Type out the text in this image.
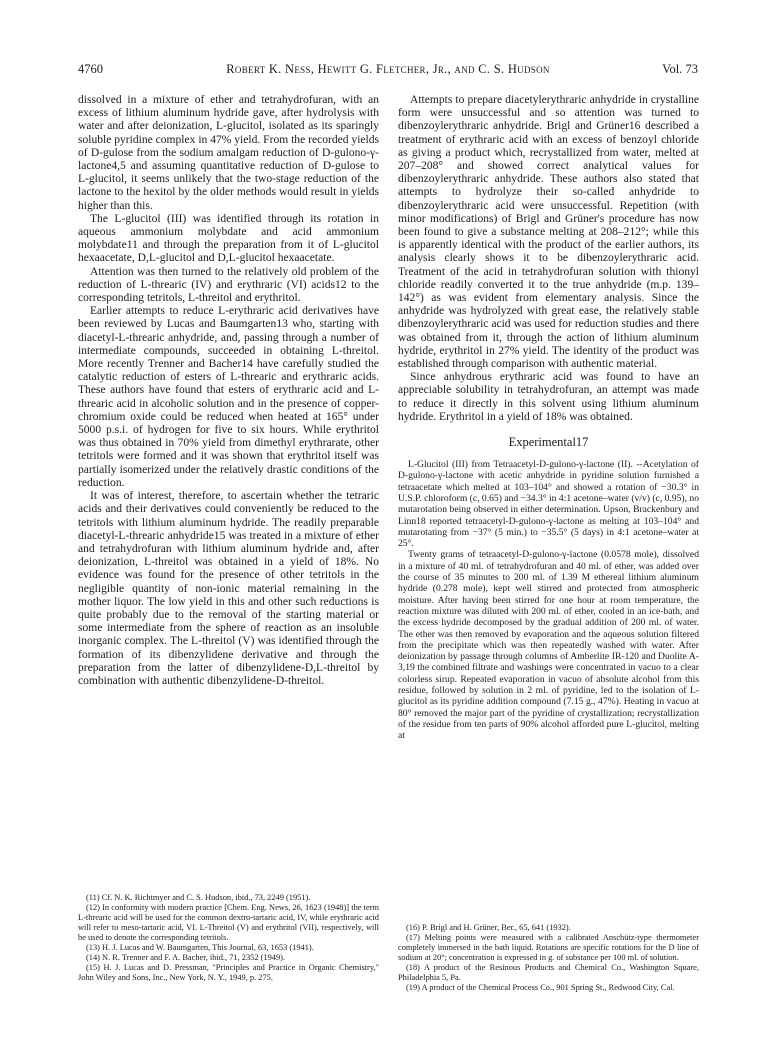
4760	Robert K. Ness, Hewitt G. Fletcher, Jr., and C. S. Hudson	Vol. 73

dissolved in a mixture of ether and tetrahydrofuran, with an excess of lithium aluminum hydride gave, after hydrolysis with water and after deionization, L-glucitol, isolated as its sparingly soluble pyridine complex in 47% yield. From the recorded yields of D-gulose from the sodium amalgam reduction of D-gulono-γ-lactone4,5 and assuming quantitative reduction of D-gulose to L-glucitol, it seems unlikely that the two-stage reduction of the lactone to the hexitol by the older methods would result in yields higher than this.

The L-glucitol (III) was identified through its rotation in aqueous ammonium molybdate and acid ammonium molybdate11 and through the preparation from it of L-glucitol hexaacetate, D,L-glucitol and D,L-glucitol hexaacetate.

Attention was then turned to the relatively old problem of the reduction of L-threaric (IV) and erythraric (VI) acids12 to the corresponding tetritols, L-threitol and erythritol.

Earlier attempts to reduce L-erythraric acid derivatives have been reviewed by Lucas and Baumgarten13 who, starting with diacetyl-L-threaric anhydride, and, passing through a number of intermediate compounds, succeeded in obtaining L-threitol. More recently Trenner and Bacher14 have carefully studied the catalytic reduction of esters of L-threaric and erythraric acids. These authors have found that esters of erythraric acid and L-threaric acid in alcoholic solution and in the presence of copper-chromium oxide could be reduced when heated at 165° under 5000 p.s.i. of hydrogen for five to six hours. While erythritol was thus obtained in 70% yield from dimethyl erythrarate, other tetritols were formed and it was shown that erythritol itself was partially isomerized under the relatively drastic conditions of the reduction.

It was of interest, therefore, to ascertain whether the tetraric acids and their derivatives could conveniently be reduced to the tetritols with lithium aluminum hydride. The readily preparable diacetyl-L-threaric anhydride15 was treated in a mixture of ether and tetrahydrofuran with lithium aluminum hydride and, after deionization, L-threitol was obtained in a yield of 18%. No evidence was found for the presence of other tetritols in the negligible quantity of non-ionic material remaining in the mother liquor. The low yield in this and other such reductions is quite probably due to the removal of the starting material or some intermediate from the sphere of reaction as an insoluble inorganic complex. The L-threitol (V) was identified through the formation of its dibenzylidene derivative and through the preparation from the latter of dibenzylidene-D,L-threitol by combination with authentic dibenzylidene-D-threitol.

(11) Cf. N. K. Richtmyer and C. S. Hudson, ibid., 73, 2249 (1951).

(12) In conformity with modern practice [Chem. Eng. News, 26, 1623 (1948)] the term L-threaric acid will be used for the common dextro-tartaric acid, IV, while erythraric acid will refer to meso-tartaric acid, VI. L-Threitol (V) and erythritol (VII), respectively, will be used to denote the corresponding tetritols.

(13) H. J. Lucas and W. Baumgarten, This Journal, 63, 1653 (1941).

(14) N. R. Trenner and F. A. Bacher, ibid., 71, 2352 (1949).

(15) H. J. Lucas and D. Pressman, "Principles and Practice in Organic Chemistry," John Wiley and Sons, Inc., New York, N. Y., 1949, p. 275.

Attempts to prepare diacetylerythraric anhydride in crystalline form were unsuccessful and so attention was turned to dibenzoylerythraric anhydride. Brigl and Grüner16 described a treatment of erythraric acid with an excess of benzoyl chloride as giving a product which, recrystallized from water, melted at 207–208° and showed correct analytical values for dibenzoylerythraric anhydride. These authors also stated that attempts to hydrolyze their so-called anhydride to dibenzoylerythraric acid were unsuccessful. Repetition (with minor modifications) of Brigl and Grüner's procedure has now been found to give a substance melting at 208–212°; while this is apparently identical with the product of the earlier authors, its analysis clearly shows it to be dibenzoylerythraric acid. Treatment of the acid in tetrahydrofuran solution with thionyl chloride readily converted it to the true anhydride (m.p. 139–142°) as was evident from elementary analysis. Since the anhydride was hydrolyzed with great ease, the relatively stable dibenzoylerythraric acid was used for reduction studies and there was obtained from it, through the action of lithium aluminum hydride, erythritol in 27% yield. The identity of the product was established through comparison with authentic material.

Since anhydrous erythraric acid was found to have an appreciable solubility in tetrahydrofuran, an attempt was made to reduce it directly in this solvent using lithium aluminum hydride. Erythritol in a yield of 18% was obtained.

Experimental17

L-Glucitol (III) from Tetraacetyl-D-gulono-γ-lactone (II). --Acetylation of D-gulono-γ-lactone with acetic anhydride in pyridine solution furnished a tetraacetate which melted at 103–104° and showed a rotation of −30.3° in U.S.P. chloroform (c, 0.65) and −34.3° in 4:1 acetone–water (v/v) (c, 0.95), no mutarotation being observed in either determination. Upson, Brackenbury and Linn18 reported tetraacetyl-D-gulono-γ-lactone as melting at 103–104° and mutarotating from −37° (5 min.) to −35.5° (5 days) in 4:1 acetone–water at 25°.

Twenty grams of tetraacetyl-D-gulono-γ-lactone (0.0578 mole), dissolved in a mixture of 40 ml. of tetrahydrofuran and 40 ml. of ether, was added over the course of 35 minutes to 200 ml. of 1.39 M ethereal lithium aluminum hydride (0.278 mole), kept well stirred and protected from atmospheric moisture. After having been stirred for one hour at room temperature, the reaction mixture was diluted with 200 ml. of ether, cooled in an ice-bath, and the excess hydride decomposed by the gradual addition of 200 ml. of water. The ether was then removed by evaporation and the aqueous solution filtered from the precipitate which was then repeatedly washed with water. After deionization by passage through columns of Amberlite IR-120 and Duolite A-3,19 the combined filtrate and washings were concentrated in vacuo to a clear colorless sirup. Repeated evaporation in vacuo of absolute alcohol from this residue, followed by solution in 2 ml. of pyridine, led to the isolation of L-glucitol as its pyridine addition compound (7.15 g., 47%). Heating in vacuo at 80° removed the major part of the pyridine of crystallization; recrystallization of the residue from ten parts of 90% alcohol afforded pure L-glucitol, melting at

(16) P. Brigl and H. Grüner, Ber., 65, 641 (1932).

(17) Melting points were measured with a calibrated Anschütz-type thermometer completely immersed in the bath liquid. Rotations are specific rotations for the D line of sodium at 20°; concentration is expressed in g. of substance per 100 ml. of solution.

(18) A product of the Resinous Products and Chemical Co., Washington Square, Philadelphia 5, Pa.

(19) A product of the Chemical Process Co., 901 Spring St., Redwood City, Cal.
